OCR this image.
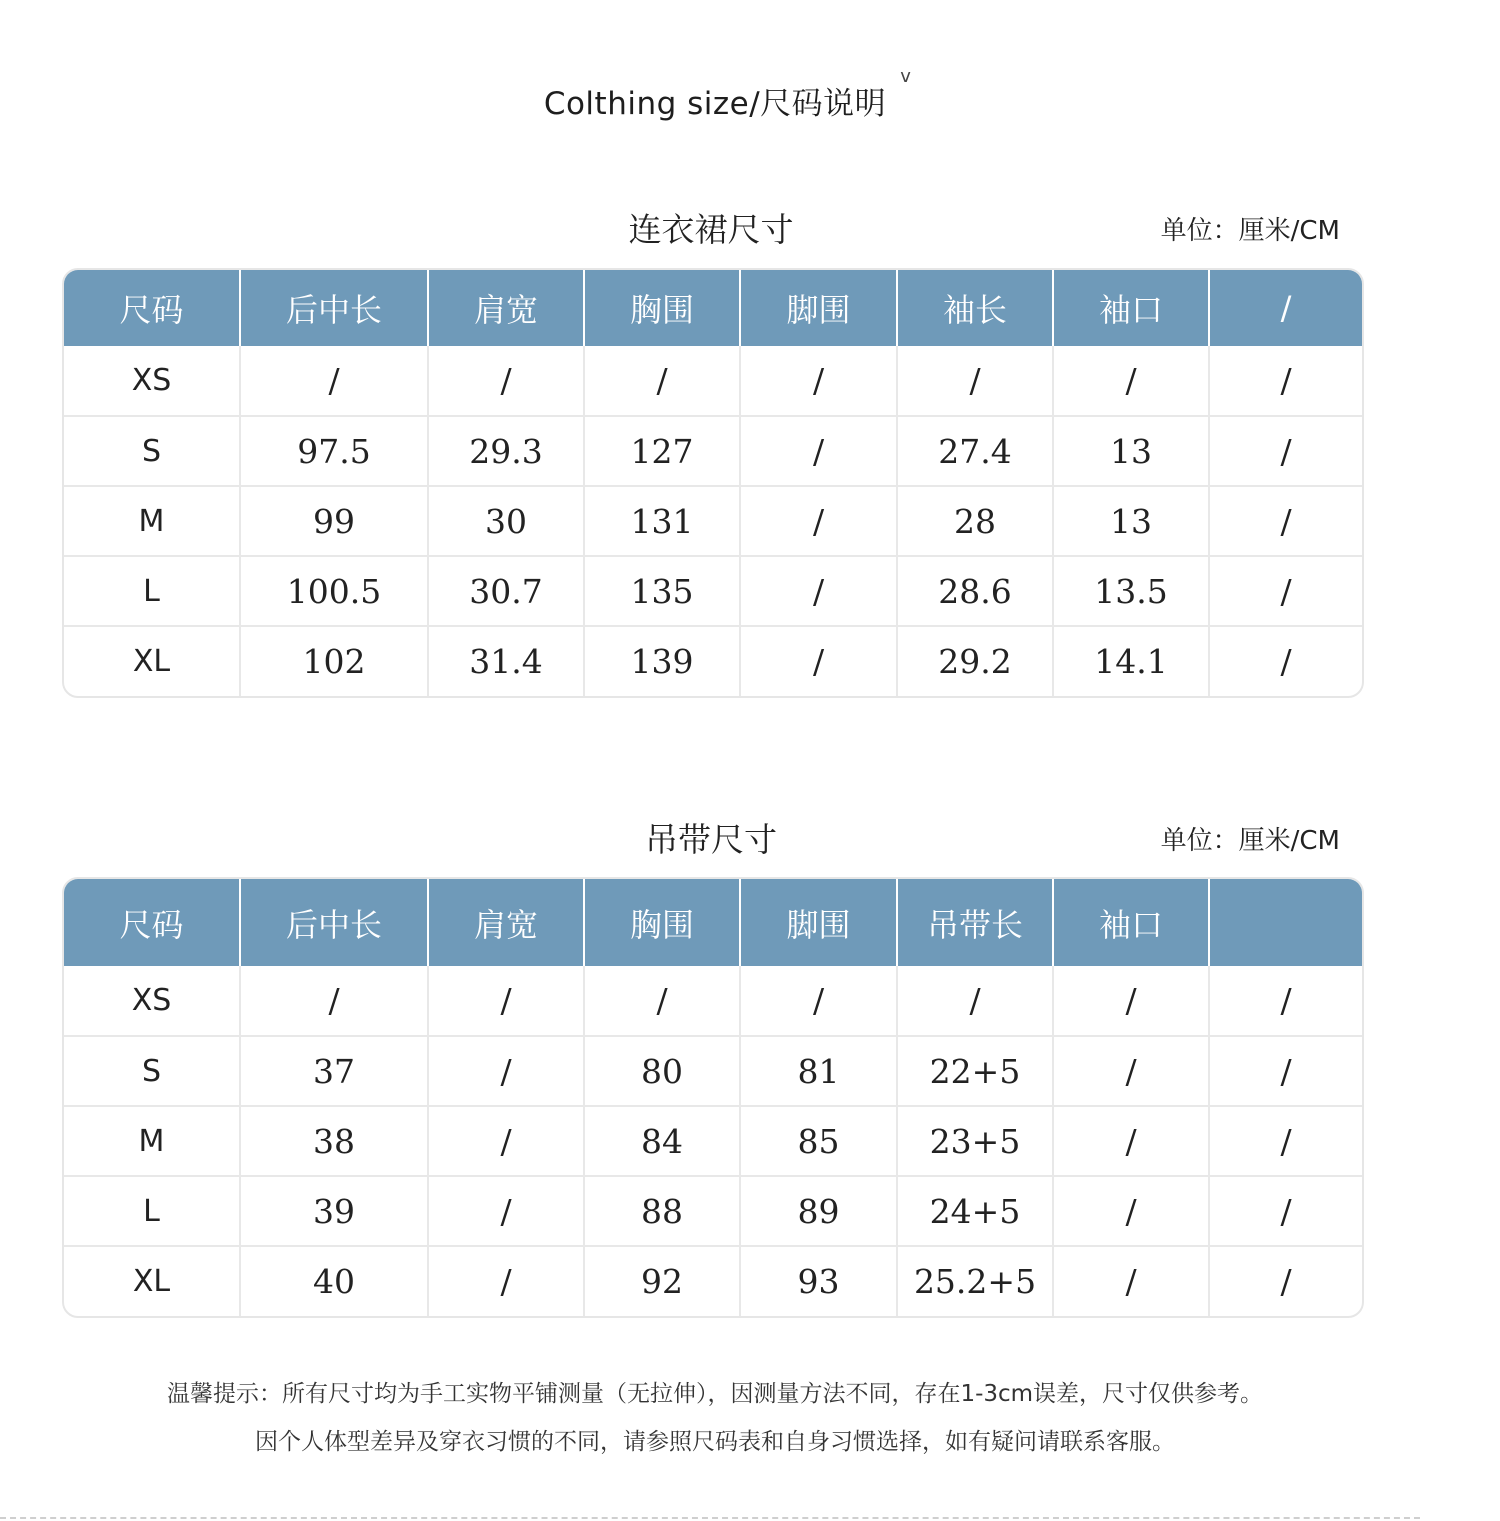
Colthing size/尺码说明
v
连衣裙尺寸	单位：厘米/CM
尺码	后中长	肩宽	胸围	脚围	袖长	袖口	/
XS	/	/	/	/	/	/	/
S	97.5	29.3	127	/	27.4	13	/
M	99	30	131	/	28	13	/
L	100.5	30.7	135	/	28.6	13.5	/
XL	102	31.4	139	/	29.2	14.1	/
吊带尺寸	单位：厘米/CM
尺码	后中长	肩宽	胸围	脚围	吊带长	袖口	
XS	/	/	/	/	/	/	/
S	37	/	80	81	22+5	/	/
M	38	/	84	85	23+5	/	/
L	39	/	88	89	24+5	/	/
XL	40	/	92	93	25.2+5	/	/
温馨提示：所有尺寸均为手工实物平铺测量（无拉伸），因测量方法不同，存在1-3cm误差，尺寸仅供参考。
因个人体型差异及穿衣习惯的不同，请参照尺码表和自身习惯选择，如有疑问请联系客服。
